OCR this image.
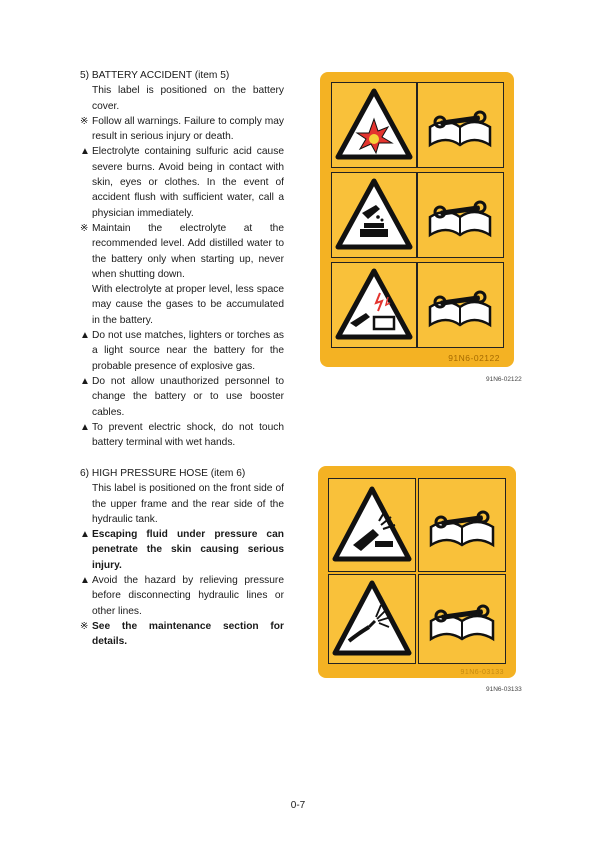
5) BATTERY ACCIDENT (item 5)

This label is positioned on the battery cover.

※ Follow all warnings. Failure to comply may result in serious injury or death.
▲ Electrolyte containing sulfuric acid cause severe burns. Avoid being in contact with skin, eyes or clothes. In the event of accident flush with sufficient water, call a physician immediately.
※ Maintain the electrolyte at the recommended level. Add distilled water to the battery only when starting up, never when shutting down.
With electrolyte at proper level, less space may cause the gases to be accumulated in the battery.
▲ Do not use matches, lighters or torches as a light source near the battery for the probable presence of explosive gas.
▲ Do not allow unauthorized personnel to change the battery or to use booster cables.
▲ To prevent electric shock, do not touch battery terminal with wet hands.
91N6-02122
91N6-02122

6) HIGH PRESSURE HOSE (item 6)

This label is positioned on the front side of the upper frame and the rear side of the hydraulic tank.

▲ Escaping fluid under pressure can penetrate the skin causing serious injury.
▲ Avoid the hazard by relieving pressure before disconnecting hydraulic lines or other lines.
※ See the maintenance section for details.
91N6-03133
91N6-03133
0-7
